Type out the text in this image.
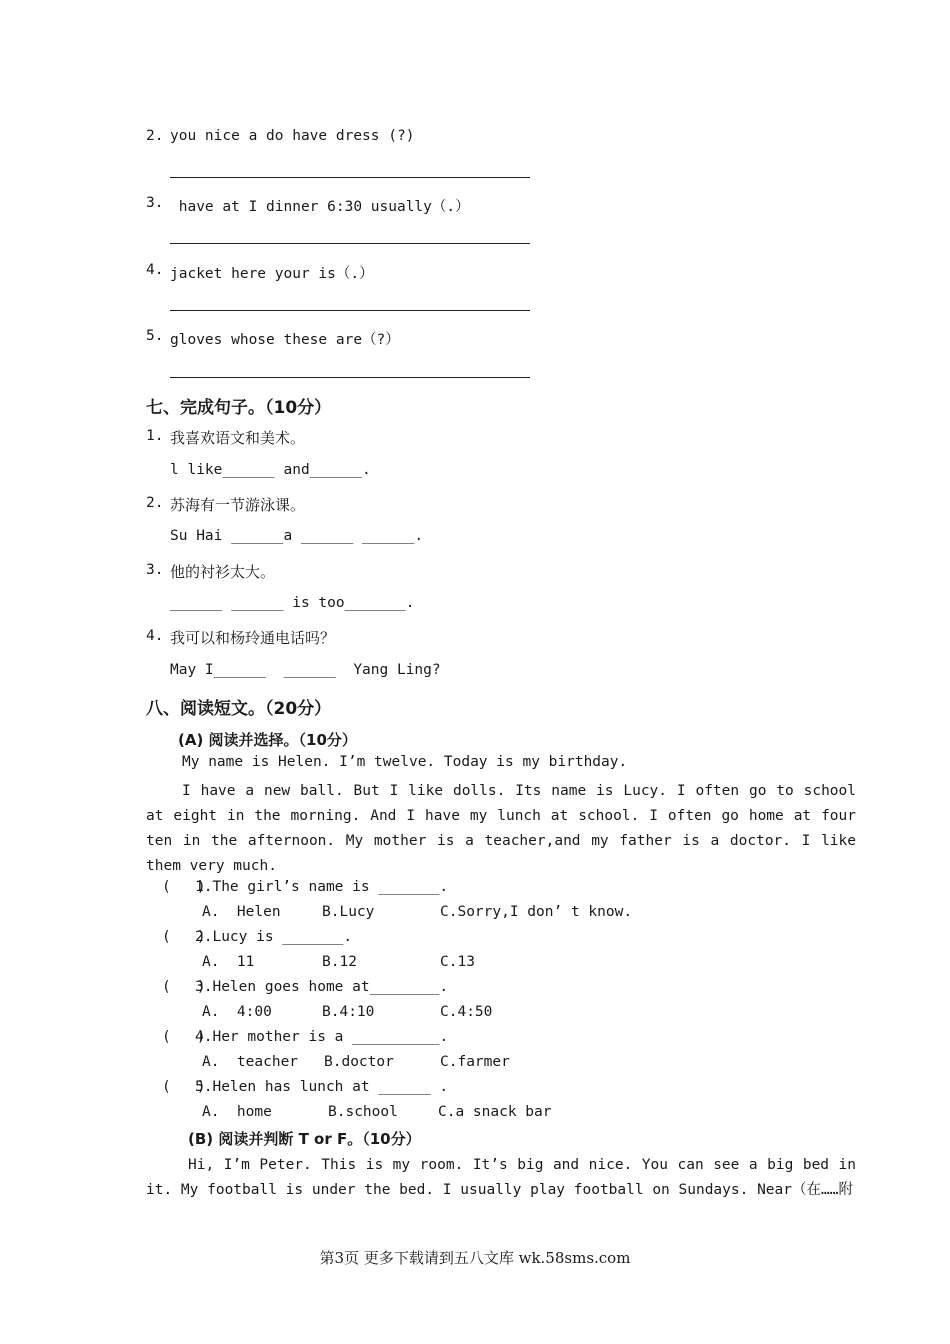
2. you nice a do have dress (?)
3. have at I dinner 6:30 usually（.）
4. jacket here your is（.）
5. gloves whose these are（?）
七、完成句子。（10分）
1. 我喜欢语文和美术。
l like______ and______.
2. 苏海有一节游泳课。
Su Hai ______a ______ ______.
3. 他的衬衫太大。
______ ______ is too_______.
4. 我可以和杨玲通电话吗？
May I______  ______  Yang Ling?
八、阅读短文。（20分）
(A) 阅读并选择。（10分）
My name is Helen. I’m twelve. Today is my birthday.
I have a new ball. But I like dolls. Its name is Lucy. I often go to school at eight in the morning. And I have my lunch at school. I often go home at four ten in the afternoon. My mother is a teacher,and my father is a doctor. I like them very much.
(   )
1.The girl’s name is _______.
A.  Helen	B.Lucy	C.Sorry,I don’ t know.
(   )
2.Lucy is _______.
A.  11	B.12	C.13
(   )
3.Helen goes home at________.
A.  4:00	B.4:10	C.4:50
(   )
4.Her mother is a __________.
A.  teacher B.doctor	C.farmer
(   )
5.Helen has lunch at ______ .
A.  home	B.school	C.a snack bar
(B) 阅读并判断 T or F。（10分）
Hi, I’m Peter. This is my room. It’s big and nice. You can see a big bed in it. My football is under the bed. I usually play football on Sundays. Near（在……附
第3页 更多下载请到五八文库 wk.58sms.com
